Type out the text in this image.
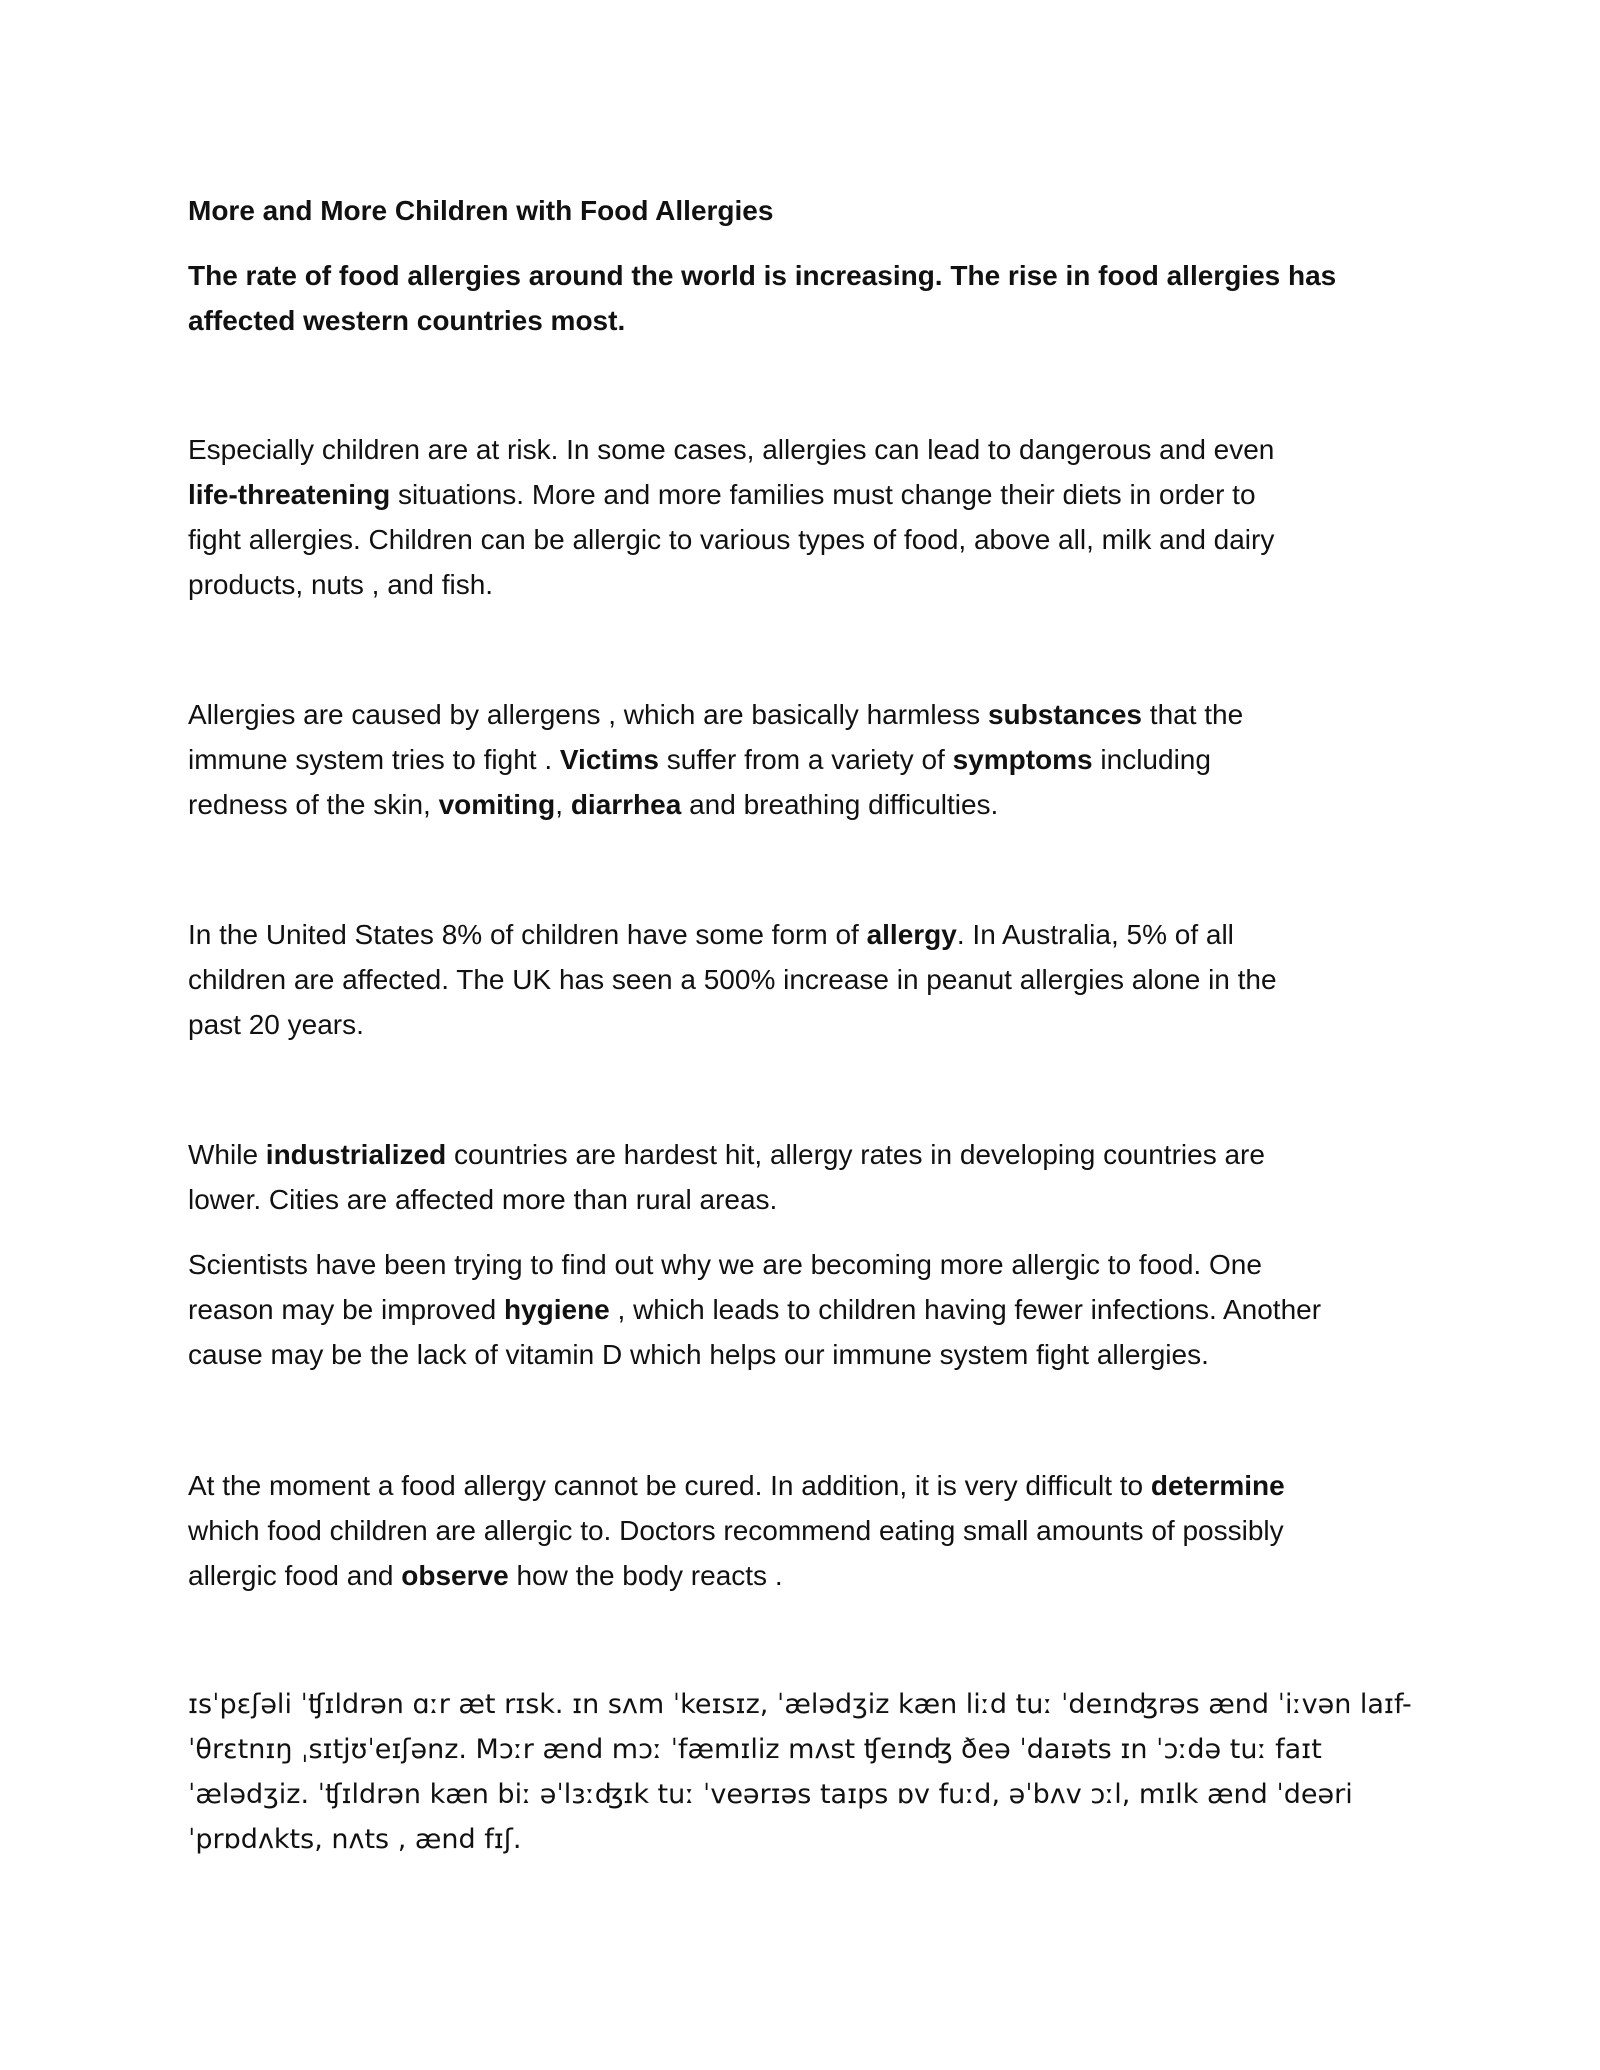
More and More Children with Food Allergies

The rate of food allergies around the world is increasing. The rise in food allergies has
affected western countries most.

Especially children are at risk. In some cases, allergies can lead to dangerous and even
life-threatening situations. More and more families must change their diets in order to
fight allergies. Children can be allergic to various types of food, above all, milk and dairy
products, nuts , and fish.

Allergies are caused by allergens , which are basically harmless substances that the
immune system tries to fight . Victims suffer from a variety of symptoms including
redness of the skin, vomiting, diarrhea and breathing difficulties.

In the United States 8% of children have some form of allergy. In Australia, 5% of all
children are affected. The UK has seen a 500% increase in peanut allergies alone in the
past 20 years.

While industrialized countries are hardest hit, allergy rates in developing countries are
lower. Cities are affected more than rural areas.

Scientists have been trying to find out why we are becoming more allergic to food. One
reason may be improved hygiene , which leads to children having fewer infections. Another
cause may be the lack of vitamin D which helps our immune system fight allergies.

At the moment a food allergy cannot be cured. In addition, it is very difficult to determine
which food children are allergic to. Doctors recommend eating small amounts of possibly
allergic food and observe how the body reacts .

ɪsˈpɛʃəli ˈʧɪldrən ɑːr æt rɪsk. ɪn sʌm ˈkeɪsɪz, ˈælədʒiz kæn liːd tuː ˈdeɪnʤrəs ænd ˈiːvən laɪf-
ˈθrɛtnɪŋ ˌsɪtjʊˈeɪʃənz. Mɔːr ænd mɔː ˈfæmɪliz mʌst ʧeɪnʤ ðeə ˈdaɪəts ɪn ˈɔːdə tuː faɪt
ˈælədʒiz. ˈʧɪldrən kæn biː əˈlɜːʤɪk tuː ˈveərɪəs taɪps ɒv fuːd, əˈbʌv ɔːl, mɪlk ænd ˈdeəri
ˈprɒdʌkts, nʌts , ænd fɪʃ.
